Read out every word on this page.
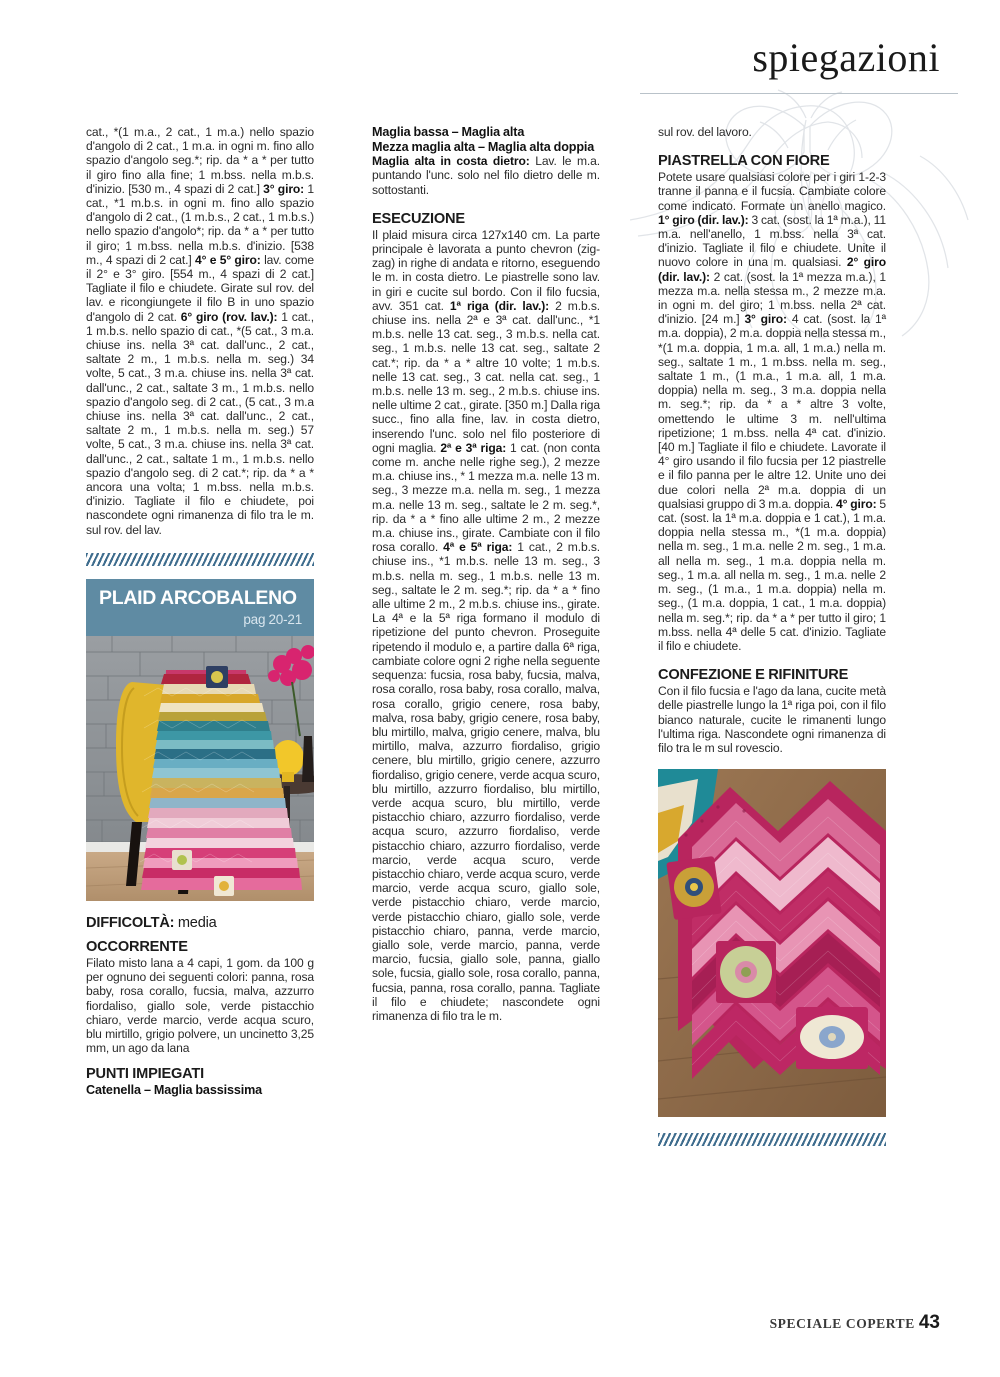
spiegazioni

cat., *(1 m.a., 2 cat., 1 m.a.) nello spazio d'angolo di 2 cat., 1 m.a. in ogni m. fino allo spazio d'angolo seg.*; rip. da * a * per tutto il giro fino alla fine; 1 m.bss. nella m.b.s. d'inizio. [530 m., 4 spazi di 2 cat.] 3° giro: 1 cat., *1 m.b.s. in ogni m. fino allo spazio d'angolo di 2 cat., (1 m.b.s., 2 cat., 1 m.b.s.) nello spazio d'angolo*; rip. da * a * per tutto il giro; 1 m.bss. nella m.b.s. d'inizio. [538 m., 4 spazi di 2 cat.] 4° e 5° giro: lav. come il 2° e 3° giro. [554 m., 4 spazi di 2 cat.] Tagliate il filo e chiudete. Girate sul rov. del lav. e ricongiungete il filo B in uno spazio d'angolo di 2 cat. 6° giro (rov. lav.): 1 cat., 1 m.b.s. nello spazio di cat., *(5 cat., 3 m.a. chiuse ins. nella 3ª cat. dall'unc., 2 cat., saltate 2 m., 1 m.b.s. nella m. seg.) 34 volte, 5 cat., 3 m.a. chiuse ins. nella 3ª cat. dall'unc., 2 cat., saltate 3 m., 1 m.b.s. nello spazio d'angolo seg. di 2 cat., (5 cat., 3 m.a chiuse ins. nella 3ª cat. dall'unc., 2 cat., saltate 2 m., 1 m.b.s. nella m. seg.) 57 volte, 5 cat., 3 m.a. chiuse ins. nella 3ª cat. dall'unc., 2 cat., saltate 1 m., 1 m.b.s. nello spazio d'angolo seg. di 2 cat.*; rip. da * a * ancora una volta; 1 m.bss. nella m.b.s. d'inizio. Tagliate il filo e chiudete, poi nascondete ogni rimanenza di filo tra le m. sul rov. del lav.

PLAID ARCOBALENO
pag 20-21

DIFFICOLTÀ: media

OCCORRENTE

Filato misto lana a 4 capi, 1 gom. da 100 g per ognuno dei seguenti colori: panna, rosa baby, rosa corallo, fucsia, malva, azzurro fiordaliso, giallo sole, verde pistacchio chiaro, verde marcio, verde acqua scuro, blu mirtillo, grigio polvere, un uncinetto 3,25 mm, un ago da lana

PUNTI IMPIEGATI

Catenella – Maglia bassissima

Maglia bassa – Maglia alta

Mezza maglia alta – Maglia alta doppia

Maglia alta in costa dietro: Lav. le m.a. puntando l'unc. solo nel filo dietro delle m. sottostanti.

ESECUZIONE

Il plaid misura circa 127x140 cm. La parte principale è lavorata a punto chevron (zig-zag) in righe di andata e ritorno, eseguendo le m. in costa dietro. Le piastrelle sono lav. in giri e cucite sul bordo. Con il filo fucsia, avv. 351 cat. 1ª riga (dir. lav.): 2 m.b.s. chiuse ins. nella 2ª e 3ª cat. dall'unc., *1 m.b.s. nelle 13 cat. seg., 3 m.b.s. nella cat. seg., 1 m.b.s. nelle 13 cat. seg., saltate 2 cat.*; rip. da * a * altre 10 volte; 1 m.b.s. nelle 13 cat. seg., 3 cat. nella cat. seg., 1 m.b.s. nelle 13 m. seg., 2 m.b.s. chiuse ins. nelle ultime 2 cat., girate. [350 m.] Dalla riga succ., fino alla fine, lav. in costa dietro, inserendo l'unc. solo nel filo posteriore di ogni maglia. 2ª e 3ª riga: 1 cat. (non conta come m. anche nelle righe seg.), 2 mezze m.a. chiuse ins., * 1 mezza m.a. nelle 13 m. seg., 3 mezze m.a. nella m. seg., 1 mezza m.a. nelle 13 m. seg., saltate le 2 m. seg.*, rip. da * a * fino alle ultime 2 m., 2 mezze m.a. chiuse ins., girate. Cambiate con il filo rosa corallo. 4ª e 5ª riga: 1 cat., 2 m.b.s. chiuse ins., *1 m.b.s. nelle 13 m. seg., 3 m.b.s. nella m. seg., 1 m.b.s. nelle 13 m. seg., saltate le 2 m. seg.*; rip. da * a * fino alle ultime 2 m., 2 m.b.s. chiuse ins., girate. La 4ª e la 5ª riga formano il modulo di ripetizione del punto chevron. Proseguite ripetendo il modulo e, a partire dalla 6ª riga, cambiate colore ogni 2 righe nella seguente sequenza: fucsia, rosa baby, fucsia, malva, rosa corallo, rosa baby, rosa corallo, malva, rosa corallo, grigio cenere, rosa baby, malva, rosa baby, grigio cenere, rosa baby, blu mirtillo, malva, grigio cenere, malva, blu mirtillo, malva, azzurro fiordaliso, grigio cenere, blu mirtillo, grigio cenere, azzurro fiordaliso, grigio cenere, verde acqua scuro, blu mirtillo, azzurro fiordaliso, blu mirtillo, verde acqua scuro, blu mirtillo, verde pistacchio chiaro, azzurro fiordaliso, verde acqua scuro, azzurro fiordaliso, verde pistacchio chiaro, azzurro fiordaliso, verde marcio, verde acqua scuro, verde pistacchio chiaro, verde acqua scuro, verde marcio, verde acqua scuro, giallo sole, verde pistacchio chiaro, verde marcio, verde pistacchio chiaro, giallo sole, verde pistacchio chiaro, panna, verde marcio, giallo sole, verde marcio, panna, verde marcio, fucsia, giallo sole, panna, giallo sole, fucsia, giallo sole, rosa corallo, panna, fucsia, panna, rosa corallo, panna. Tagliate il filo e chiudete; nascondete ogni rimanenza di filo tra le m.

sul rov. del lavoro.

PIASTRELLA CON FIORE

Potete usare qualsiasi colore per i giri 1-2-3 tranne il panna e il fucsia. Cambiate colore come indicato. Formate un anello magico. 1° giro (dir. lav.): 3 cat. (sost. la 1ª m.a.), 11 m.a. nell'anello, 1 m.bss. nella 3ª cat. d'inizio. Tagliate il filo e chiudete. Unite il nuovo colore in una m. qualsiasi. 2° giro (dir. lav.): 2 cat. (sost. la 1ª mezza m.a.), 1 mezza m.a. nella stessa m., 2 mezze m.a. in ogni m. del giro; 1 m.bss. nella 2ª cat. d'inizio. [24 m.] 3° giro: 4 cat. (sost. la 1ª m.a. doppia), 2 m.a. doppia nella stessa m., *(1 m.a. doppia, 1 m.a. all, 1 m.a.) nella m. seg., saltate 1 m., 1 m.bss. nella m. seg., saltate 1 m., (1 m.a., 1 m.a. all, 1 m.a. doppia) nella m. seg., 3 m.a. doppia nella m. seg.*; rip. da * a * altre 3 volte, omettendo le ultime 3 m. nell'ultima ripetizione; 1 m.bss. nella 4ª cat. d'inizio. [40 m.] Tagliate il filo e chiudete. Lavorate il 4° giro usando il filo fucsia per 12 piastrelle e il filo panna per le altre 12. Unite uno dei due colori nella 2ª m.a. doppia di un qualsiasi gruppo di 3 m.a. doppia. 4° giro: 5 cat. (sost. la 1ª m.a. doppia e 1 cat.), 1 m.a. doppia nella stessa m., *(1 m.a. doppia) nella m. seg., 1 m.a. nelle 2 m. seg., 1 m.a. all nella m. seg., 1 m.a. doppia nella m. seg., 1 m.a. all nella m. seg., 1 m.a. nelle 2 m. seg., (1 m.a., 1 m.a. doppia) nella m. seg., (1 m.a. doppia, 1 cat., 1 m.a. doppia) nella m. seg.*; rip. da * a * per tutto il giro; 1 m.bss. nella 4ª delle 5 cat. d'inizio. Tagliate il filo e chiudete.

CONFEZIONE E RIFINITURE

Con il filo fucsia e l'ago da lana, cucite metà delle piastrelle lungo la 1ª riga poi, con il filo bianco naturale, cucite le rimanenti lungo l'ultima riga. Nascondete ogni rimanenza di filo tra le m sul rovescio.

SPECIALE COPERTE 43
